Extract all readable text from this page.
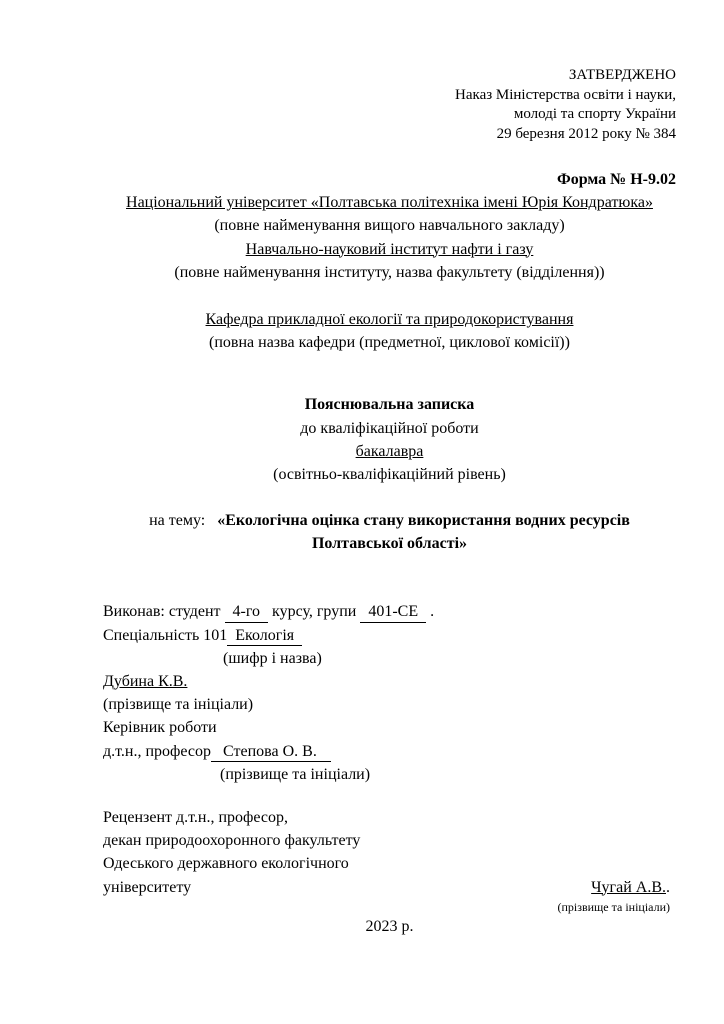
ЗАТВЕРДЖЕНО
Наказ Міністерства освіти і науки,
молоді та спорту України
29 березня 2012 року № 384
Форма № Н-9.02
Національний університет «Полтавська політехніка імені Юрія Кондратюка»
(повне найменування вищого навчального закладу)
Навчально-науковий інститут нафти і газу
(повне найменування інституту, назва факультету (відділення))
Кафедра прикладної екології та природокористування
(повна назва кафедри (предметної, циклової комісії))
Пояснювальна записка
до кваліфікаційної роботи
бакалавра
(освітньо-кваліфікаційний рівень)
на тему:   «Екологічна оцінка стану використання водних ресурсів
Полтавської області»
Виконав: студент 4-го курсу, групи 401-СЕ .
Спеціальність 101 Екологія
(шифр і назва)
Дубина К.В.
(прізвище та ініціали)
Керівник роботи
д.т.н., професор Степова О. В.
(прізвище та ініціали)
Рецензент д.т.н., професор,
декан природоохоронного факультету
Одеського державного екологічного
університету	Чугай А.В..
(прізвище та ініціали)
2023 р.
